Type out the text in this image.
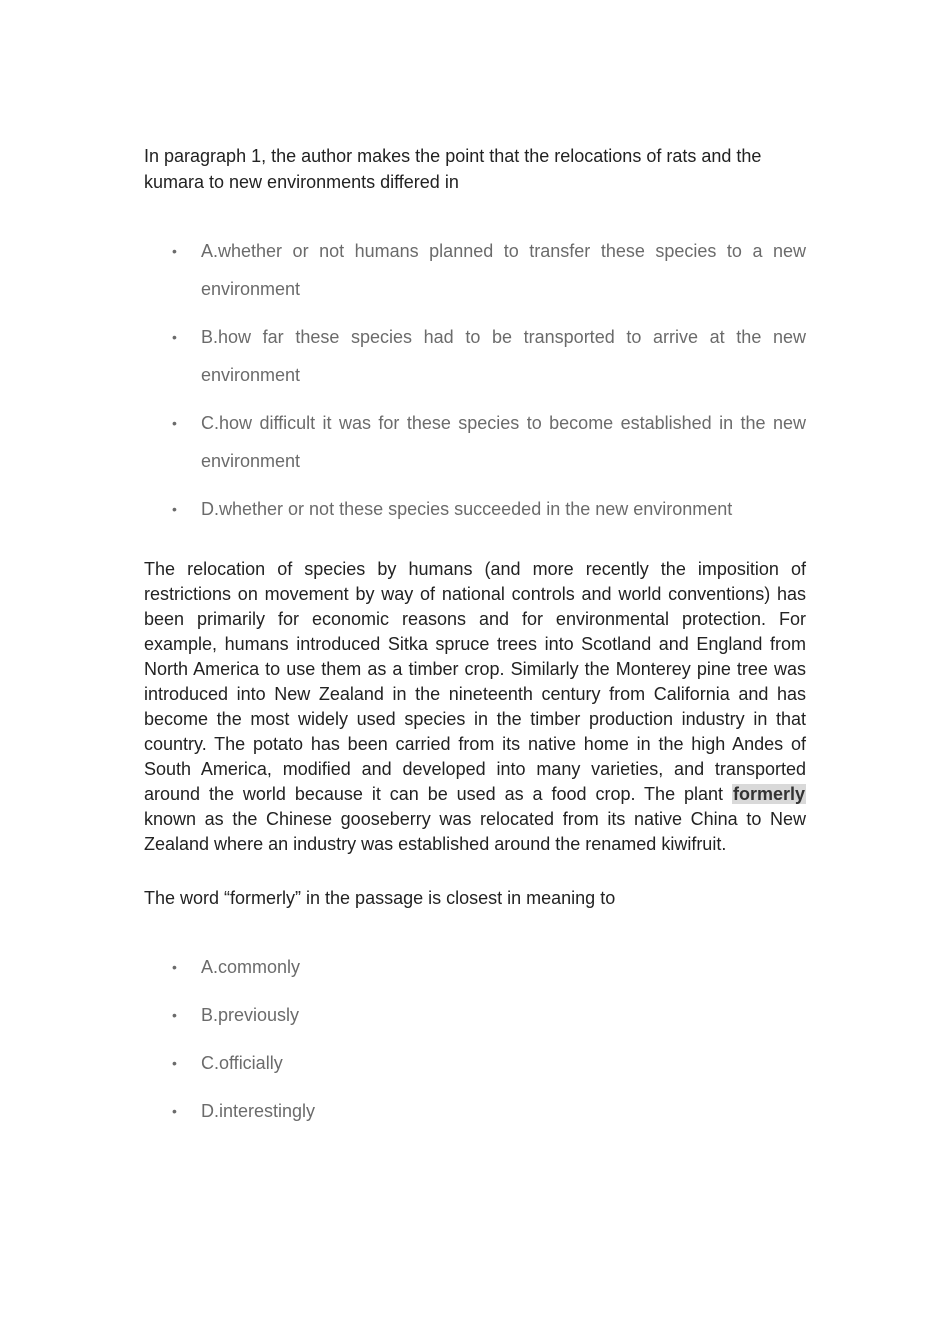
In paragraph 1, the author makes the point that the relocations of rats and the kumara to new environments differed in

• A.whether or not humans planned to transfer these species to a new environment
• B.how far these species had to be transported to arrive at the new environment
• C.how difficult it was for these species to become established in the new environment
• D.whether or not these species succeeded in the new environment

The relocation of species by humans (and more recently the imposition of restrictions on movement by way of national controls and world conventions) has been primarily for economic reasons and for environmental protection. For example, humans introduced Sitka spruce trees into Scotland and England from North America to use them as a timber crop. Similarly the Monterey pine tree was introduced into New Zealand in the nineteenth century from California and has become the most widely used species in the timber production industry in that country. The potato has been carried from its native home in the high Andes of South America, modified and developed into many varieties, and transported around the world because it can be used as a food crop. The plant formerly known as the Chinese gooseberry was relocated from its native China to New Zealand where an industry was established around the renamed kiwifruit.

The word “formerly” in the passage is closest in meaning to

• A.commonly
• B.previously
• C.officially
• D.interestingly
